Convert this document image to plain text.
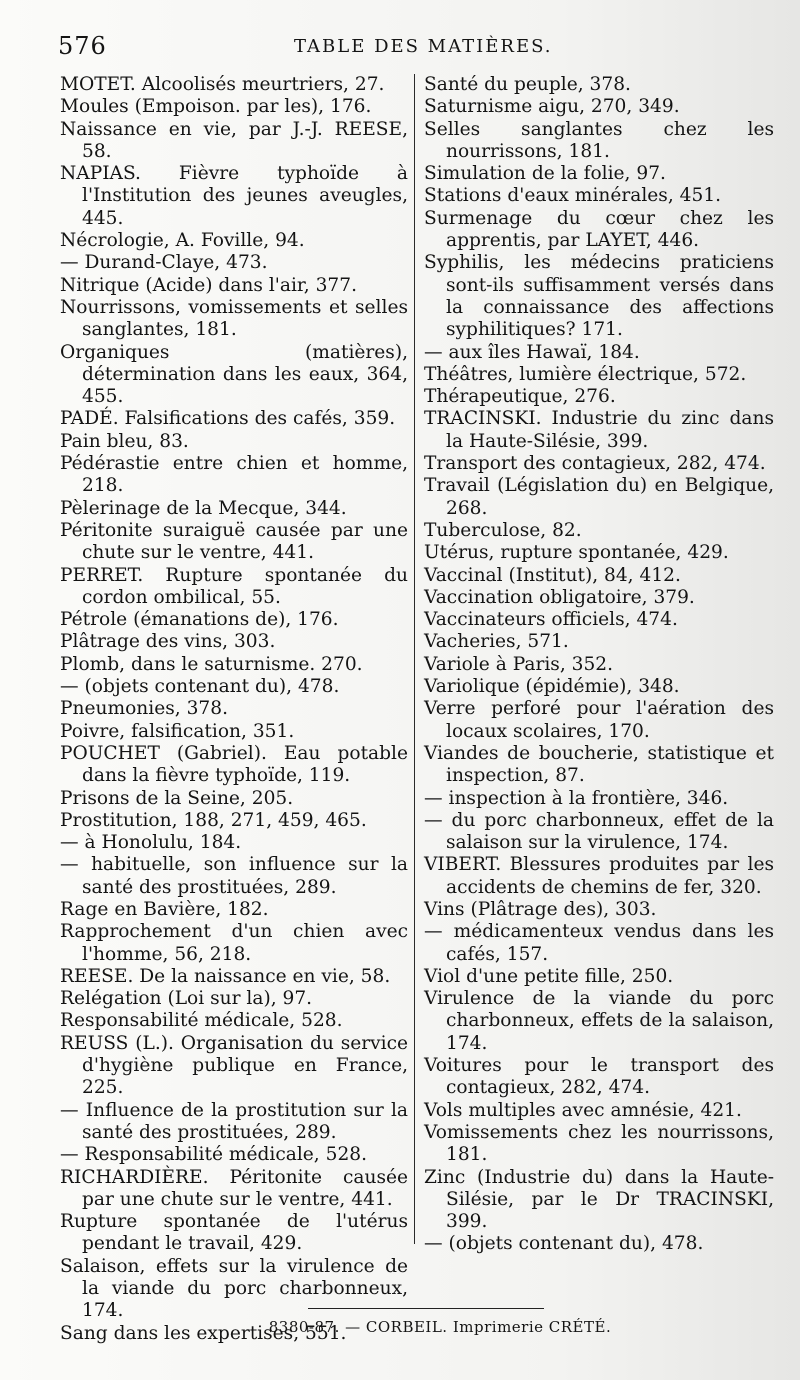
576	TABLE DES MATIÈRES.
MOTET. Alcoolisés meurtriers, 27.
Moules (Empoison. par les), 176.
Naissance en vie, par J.-J. REESE, 58.
NAPIAS. Fièvre typhoïde à l'Institution des jeunes aveugles, 445.
Nécrologie, A. Foville, 94.
— Durand-Claye, 473.
Nitrique (Acide) dans l'air, 377.
Nourrissons, vomissements et selles sanglantes, 181.
Organiques (matières), détermination dans les eaux, 364, 455.
PADÉ. Falsifications des cafés, 359.
Pain bleu, 83.
Pédérastie entre chien et homme, 218.
Pèlerinage de la Mecque, 344.
Péritonite suraiguë causée par une chute sur le ventre, 441.
PERRET. Rupture spontanée du cordon ombilical, 55.
Pétrole (émanations de), 176.
Plâtrage des vins, 303.
Plomb, dans le saturnisme. 270.
— (objets contenant du), 478.
Pneumonies, 378.
Poivre, falsification, 351.
POUCHET (Gabriel). Eau potable dans la fièvre typhoïde, 119.
Prisons de la Seine, 205.
Prostitution, 188, 271, 459, 465.
— à Honolulu, 184.
— habituelle, son influence sur la santé des prostituées, 289.
Rage en Bavière, 182.
Rapprochement d'un chien avec l'homme, 56, 218.
REESE. De la naissance en vie, 58.
Relégation (Loi sur la), 97.
Responsabilité médicale, 528.
REUSS (L.). Organisation du service d'hygiène publique en France, 225.
— Influence de la prostitution sur la santé des prostituées, 289.
— Responsabilité médicale, 528.
RICHARDIÈRE. Péritonite causée par une chute sur le ventre, 441.
Rupture spontanée de l'utérus pendant le travail, 429.
Salaison, effets sur la virulence de la viande du porc charbonneux, 174.
Sang dans les expertises, 551.
Santé du peuple, 378.
Saturnisme aigu, 270, 349.
Selles sanglantes chez les nourrissons, 181.
Simulation de la folie, 97.
Stations d'eaux minérales, 451.
Surmenage du cœur chez les apprentis, par LAYET, 446.
Syphilis, les médecins praticiens sont-ils suffisamment versés dans la connaissance des affections syphilitiques? 171.
— aux îles Hawaï, 184.
Théâtres, lumière électrique, 572.
Thérapeutique, 276.
TRACINSKI. Industrie du zinc dans la Haute-Silésie, 399.
Transport des contagieux, 282, 474.
Travail (Législation du) en Belgique, 268.
Tuberculose, 82.
Utérus, rupture spontanée, 429.
Vaccinal (Institut), 84, 412.
Vaccination obligatoire, 379.
Vaccinateurs officiels, 474.
Vacheries, 571.
Variole à Paris, 352.
Variolique (épidémie), 348.
Verre perforé pour l'aération des locaux scolaires, 170.
Viandes de boucherie, statistique et inspection, 87.
— inspection à la frontière, 346.
— du porc charbonneux, effet de la salaison sur la virulence, 174.
VIBERT. Blessures produites par les accidents de chemins de fer, 320.
Vins (Plâtrage des), 303.
— médicamenteux vendus dans les cafés, 157.
Viol d'une petite fille, 250.
Virulence de la viande du porc charbonneux, effets de la salaison, 174.
Voitures pour le transport des contagieux, 282, 474.
Vols multiples avec amnésie, 421.
Vomissements chez les nourrissons, 181.
Zinc (Industrie du) dans la Haute-Silésie, par le Dr TRACINSKI, 399.
— (objets contenant du), 478.
8380-87. — CORBEIL. Imprimerie CRÉTÉ.
